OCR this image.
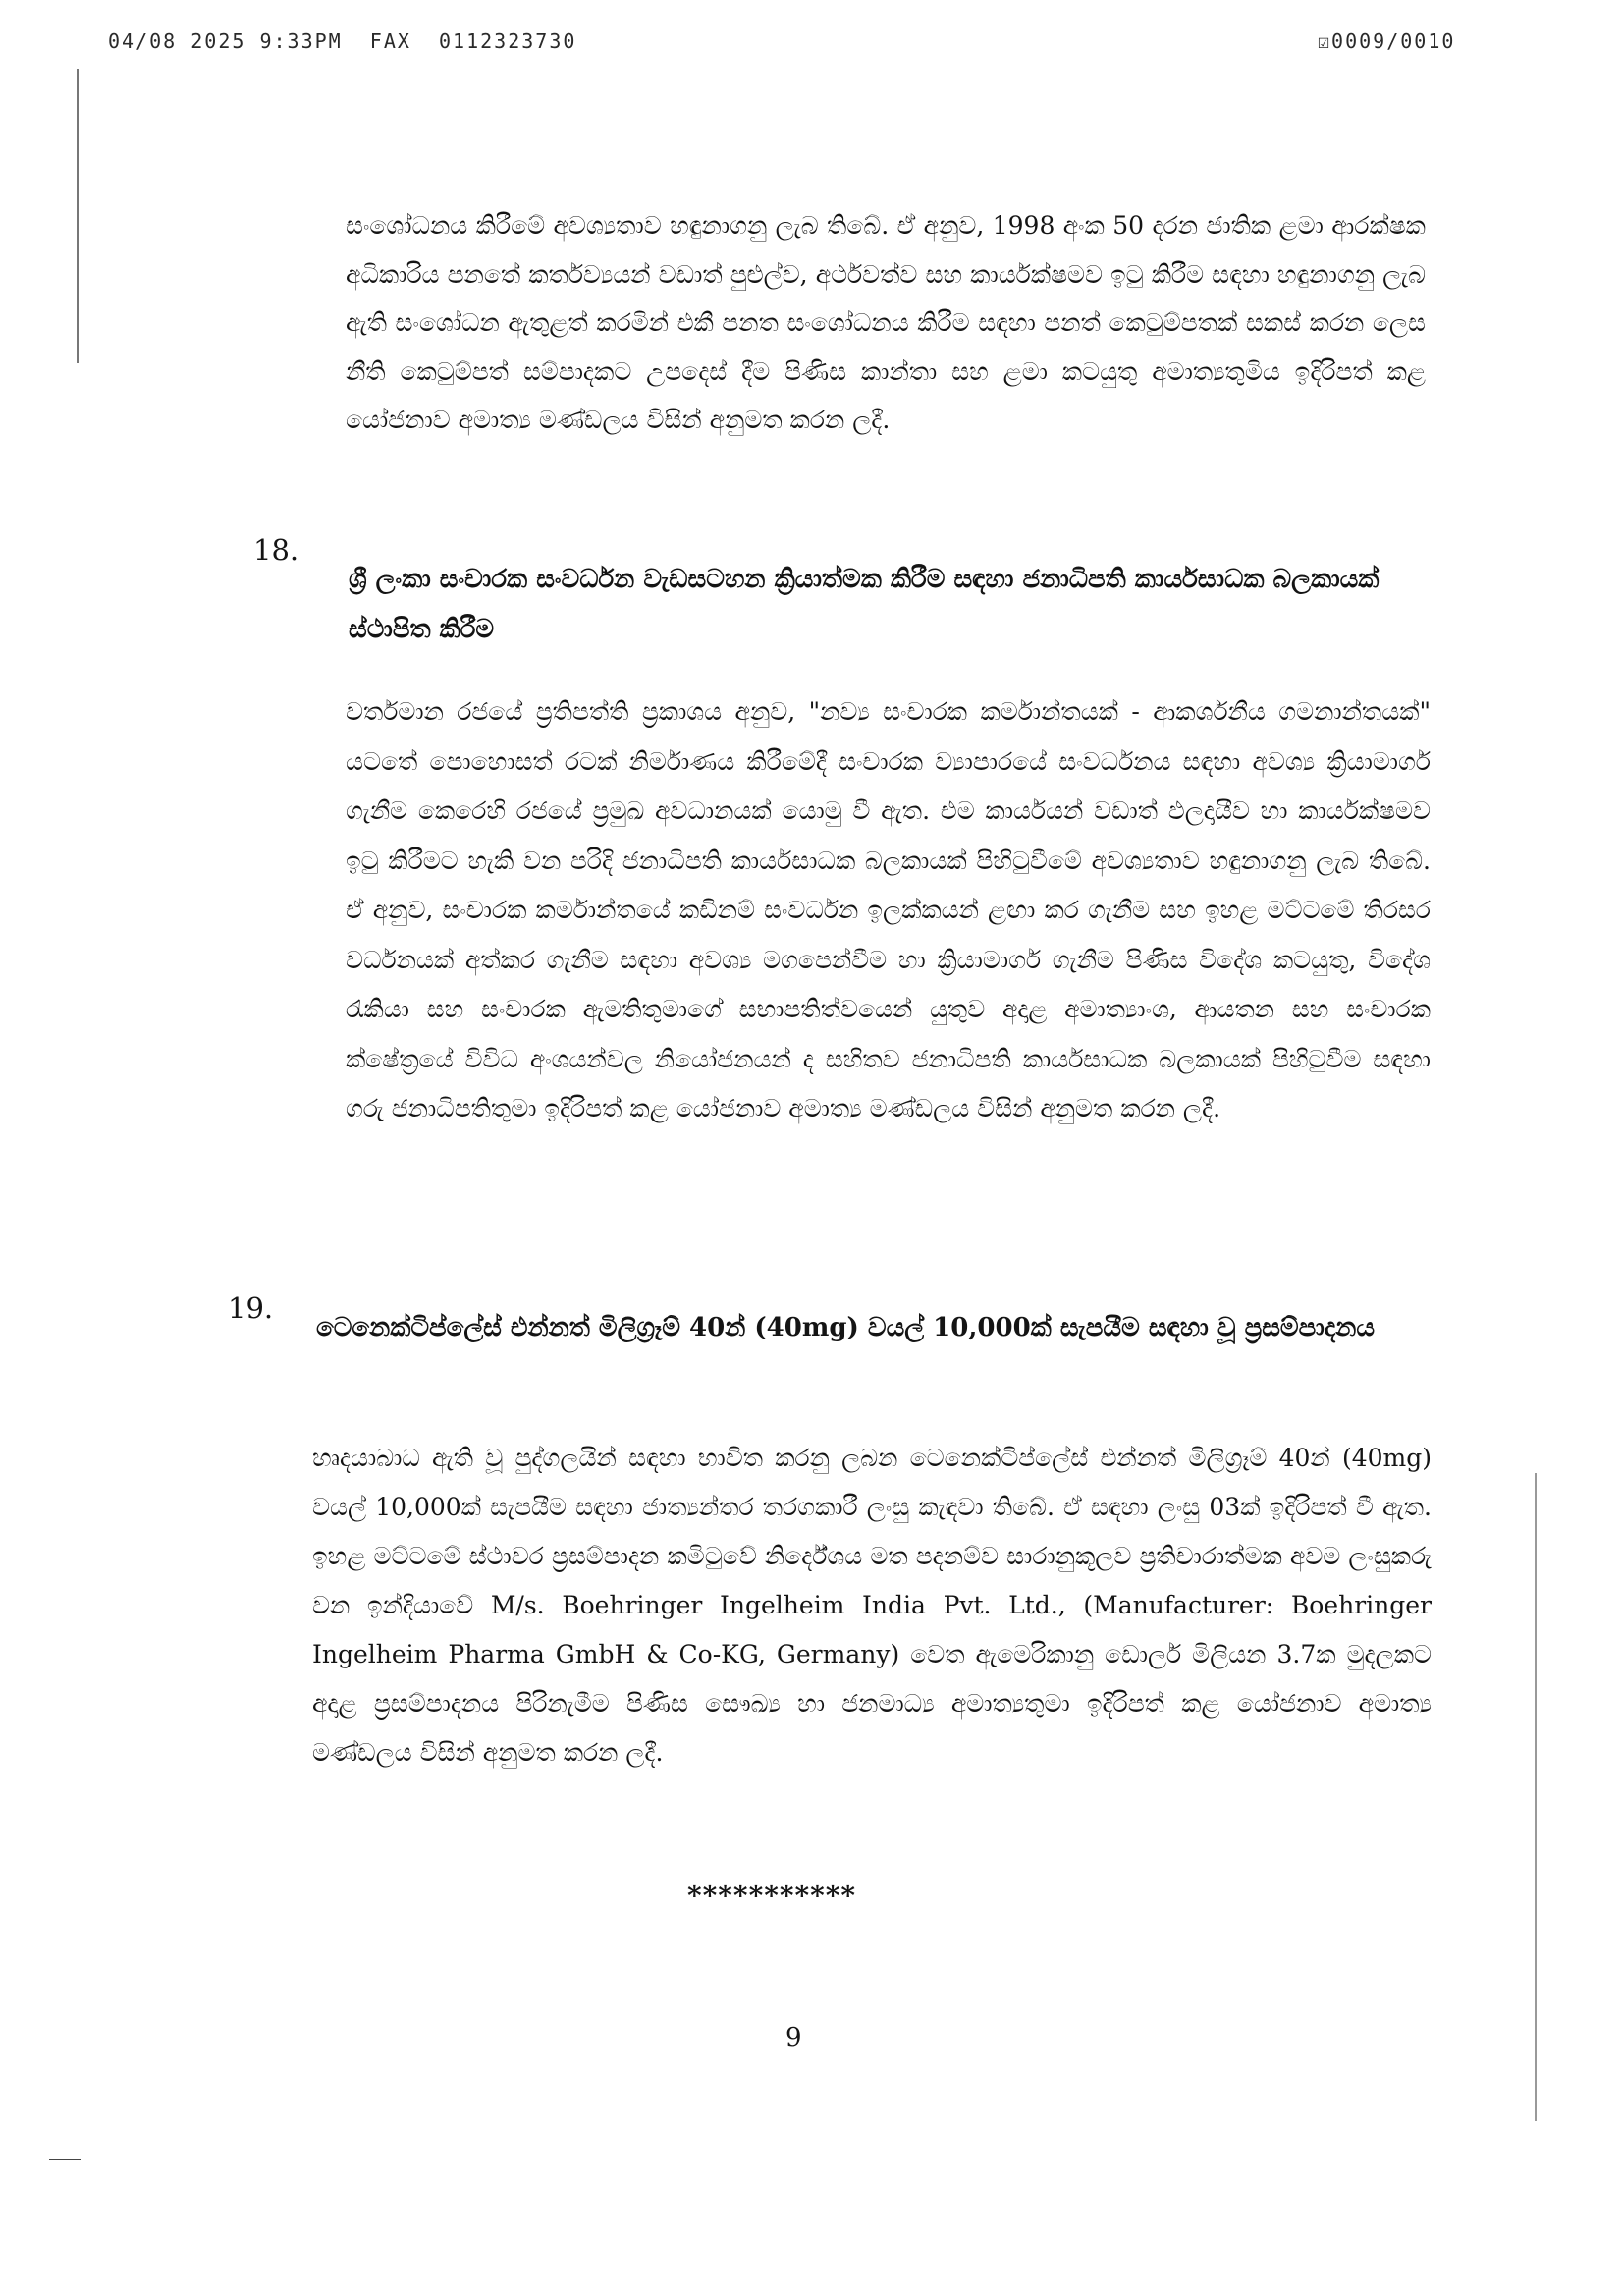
04/08 2025 9:33PM  FAX  0112323730	☑0009/0010
සංශෝධනය කිරීමේ අවශ්‍යතාව හඳුනාගනු ලැබ තිබේ. ඒ අනුව, 1998 අංක 50 දරන ජාතික ළමා ආරක්ෂක අධිකාරිය පනතේ කර්තව්‍යයන් වඩාත් පුළුල්ව, අර්ථවත්ව සහ කාර්යක්ෂමව ඉටු කිරීම සඳහා හඳුනාගනු ලැබ ඇති සංශෝධන ඇතුළත් කරමින් එකී පනත සංශෝධනය කිරීම සඳහා පනත් කෙටුම්පතක් සකස් කරන ලෙස නීති කෙටුම්පත් සම්පාදකට උපදෙස් දීම පිණිස කාන්තා සහ ළමා කටයුතු අමාත්‍යතුමිය ඉදිරිපත් කළ යෝජනාව අමාත්‍ය මණ්ඩලය විසින් අනුමත කරන ලදී.
18.
ශ්‍රී ලංකා සංචාරක සංවර්ධන වැඩසටහන ක්‍රියාත්මක කිරීම සඳහා ජනාධිපති කාර්යසාධක බලකායක් ස්ථාපිත කිරීම
වර්තමාන රජයේ ප්‍රතිපත්ති ප්‍රකාශය අනුව, "නව්‍ය සංචාරක කර්මාන්තයක් - ආකර්ශනීය ගමනාන්තයක්" යටතේ පොහොසත් රටක් නිර්මාණය කිරීමේදී සංචාරක ව්‍යාපාරයේ සංවර්ධනය සඳහා අවශ්‍ය ක්‍රියාමාර්ග ගැනීම කෙරෙහි රජයේ ප්‍රමුඛ අවධානයක් යොමු වී ඇත. එම කාර්යයන් වඩාත් ඵලදායීව හා කාර්යක්ෂමව ඉටු කිරීමට හැකි වන පරිදි ජනාධිපති කාර්යසාධක බලකායක් පිහිටුවීමේ අවශ්‍යතාව හඳුනාගනු ලැබ තිබේ. ඒ අනුව, සංචාරක කර්මාන්තයේ කඩිනම් සංවර්ධන ඉලක්කයන් ළඟා කර ගැනීම සහ ඉහළ මට්ටමේ තිරසර වර්ධනයක් අත්කර ගැනීම සඳහා අවශ්‍ය මගපෙන්වීම හා ක්‍රියාමාර්ග ගැනීම පිණිස විදේශ කටයුතු, විදේශ රැකියා සහ සංචාරක ඇමතිතුමාගේ සභාපතිත්වයෙන් යුතුව අදාළ අමාත්‍යාංශ, ආයතන සහ සංචාරක ක්ෂේත්‍රයේ විවිධ අංශයන්වල නියෝජනයන් ද සහිතව ජනාධිපති කාර්යසාධක බලකායක් පිහිටුවීම සඳහා ගරු ජනාධිපතිතුමා ඉදිරිපත් කළ යෝජනාව අමාත්‍ය මණ්ඩලය විසින් අනුමත කරන ලදී.
19.
ටෙනෙක්ටිප්ලේස් එන්නත් මිලිග්‍රෑම් 40න් (40mg) වයල් 10,000ක් සැපයීම සඳහා වූ ප්‍රසම්පාදනය
හෘදයාබාධ ඇති වූ පුද්ගලයින් සඳහා භාවිත කරනු ලබන ටෙනෙක්ටිප්ලේස් එන්නත් මිලිග්‍රෑම් 40න් (40mg) වයල් 10,000ක් සැපයීම සඳහා ජාත්‍යන්තර තරගකාරී ලංසු කැඳවා තිබේ. ඒ සඳහා ලංසු 03ක් ඉදිරිපත් වී ඇත. ඉහළ මට්ටමේ ස්ථාවර ප්‍රසම්පාදන කමිටුවේ නිර්දේශය මත පදනම්ව සාරානුකූලව ප්‍රතිචාරාත්මක අවම ලංසුකරු වන ඉන්දියාවේ M/s. Boehringer Ingelheim India Pvt. Ltd., (Manufacturer: Boehringer Ingelheim Pharma GmbH & Co-KG, Germany) වෙත ඇමෙරිකානු ඩොලර් මිලියන 3.7ක මුදලකට අදාළ ප්‍රසම්පාදනය පිරිනැමීම පිණිස සෞඛ්‍ය හා ජනමාධ්‍ය අමාත්‍යතුමා ඉදිරිපත් කළ යෝජනාව අමාත්‍ය මණ්ඩලය විසින් අනුමත කරන ලදී.
***********
9
